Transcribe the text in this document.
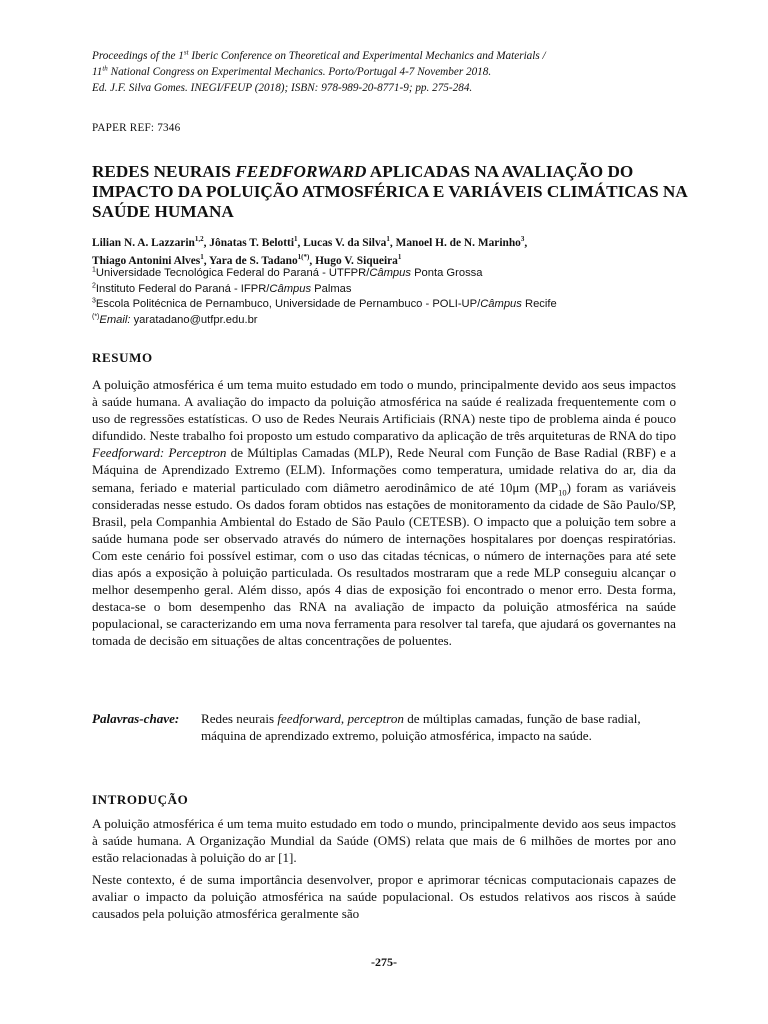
Proceedings of the 1st Iberic Conference on Theoretical and Experimental Mechanics and Materials /
11th National Congress on Experimental Mechanics. Porto/Portugal 4-7 November 2018.
Ed. J.F. Silva Gomes. INEGI/FEUP (2018); ISBN: 978-989-20-8771-9; pp. 275-284.
PAPER REF: 7346
REDES NEURAIS FEEDFORWARD APLICADAS NA AVALIAÇÃO DO IMPACTO DA POLUIÇÃO ATMOSFÉRICA E VARIÁVEIS CLIMÁTICAS NA SAÚDE HUMANA
Lilian N. A. Lazzarin$^{1,2}$, Jônatas T. Belotti$^1$, Lucas V. da Silva$^1$, Manoel H. de N. Marinho$^3$,
Thiago Antonini Alves$^1$, Yara de S. Tadano$^{1(*)}$, Hugo V. Siqueira$^1$
$^1$Universidade Tecnológica Federal do Paraná - UTFPR/Câmpus Ponta Grossa
$^2$Instituto Federal do Paraná - IFPR/Câmpus Palmas
$^3$Escola Politécnica de Pernambuco, Universidade de Pernambuco - POLI-UP/Câmpus Recife
(*)Email: yaratadano@utfpr.edu.br
RESUMO

A poluição atmosférica é um tema muito estudado em todo o mundo, principalmente devido aos seus impactos à saúde humana. A avaliação do impacto da poluição atmosférica na saúde é realizada frequentemente com o uso de regressões estatísticas. O uso de Redes Neurais Artificiais (RNA) neste tipo de problema ainda é pouco difundido. Neste trabalho foi proposto um estudo comparativo da aplicação de três arquiteturas de RNA do tipo Feedforward: Perceptron de Múltiplas Camadas (MLP), Rede Neural com Função de Base Radial (RBF) e a Máquina de Aprendizado Extremo (ELM). Informações como temperatura, umidade relativa do ar, dia da semana, feriado e material particulado com diâmetro aerodinâmico de até 10μm $(MP_{10})$ foram as variáveis consideradas nesse estudo. Os dados foram obtidos nas estações de monitoramento da cidade de São Paulo/SP, Brasil, pela Companhia Ambiental do Estado de São Paulo (CETESB). O impacto que a poluição tem sobre a saúde humana pode ser observado através do número de internações hospitalares por doenças respiratórias. Com este cenário foi possível estimar, com o uso das citadas técnicas, o número de internações para até sete dias após a exposição à poluição particulada. Os resultados mostraram que a rede MLP conseguiu alcançar o melhor desempenho geral. Além disso, após 4 dias de exposição foi encontrado o menor erro. Desta forma, destaca-se o bom desempenho das RNA na avaliação de impacto da poluição atmosférica na saúde populacional, se caracterizando em uma nova ferramenta para resolver tal tarefa, que ajudará os governantes na tomada de decisão em situações de altas concentrações de poluentes.

Palavras-chave: Redes neurais feedforward, perceptron de múltiplas camadas, função de base radial, máquina de aprendizado extremo, poluição atmosférica, impacto na saúde.
INTRODUÇÃO

A poluição atmosférica é um tema muito estudado em todo o mundo, principalmente devido aos seus impactos à saúde humana. A Organização Mundial da Saúde (OMS) relata que mais de 6 milhões de mortes por ano estão relacionadas à poluição do ar [1].

Neste contexto, é de suma importância desenvolver, propor e aprimorar técnicas computacionais capazes de avaliar o impacto da poluição atmosférica na saúde populacional. Os estudos relativos aos riscos à saúde causados pela poluição atmosférica geralmente são

-275-
